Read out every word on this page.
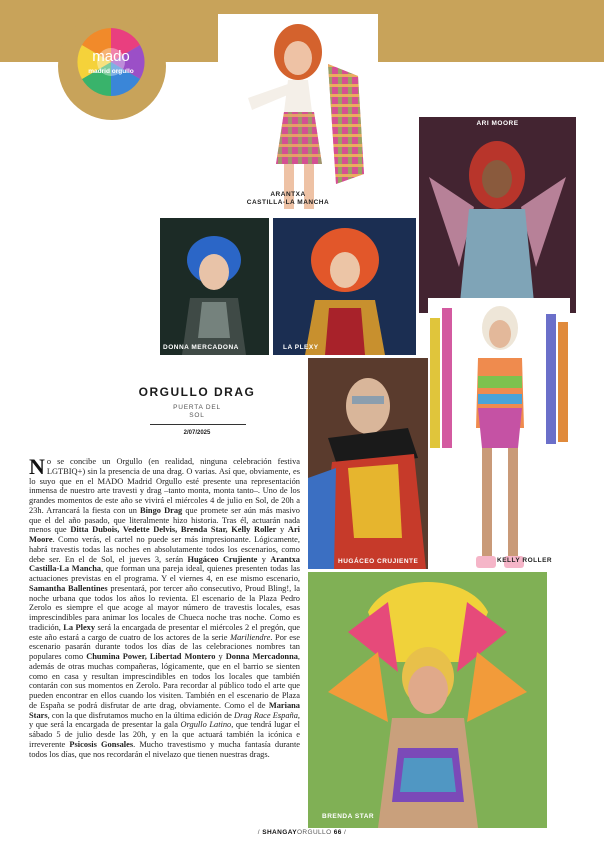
mado
madrid orgullo
ARANTXA
CASTILLA-LA MANCHA
ARI MOORE
DONNA MERCADONA	LA PLEXY
HUGÁCEO CRUJIENTE	KELLY ROLLER
BRENDA STAR
ORGULLO DRAG
PUERTA DEL
SOL
2/07/2025

No se concibe un Orgullo (en realidad, ninguna celebración festiva LGTBIQ+) sin la presencia de una drag. O varias. Así que, obviamente, es lo suyo que en el MADO Madrid Orgullo esté presente una representación inmensa de nuestro arte travesti y drag –tanto monta, monta tanto–. Uno de los grandes momentos de este año se vivirá el miércoles 4 de julio en Sol, de 20h a 23h. Arrancará la fiesta con un Bingo Drag que promete ser aún más masivo que el del año pasado, que literalmente hizo historia. Tras él, actuarán nada menos que Ditta Dubois, Vedette Delvis, Brenda Star, Kelly Roller y Ari Moore. Como verás, el cartel no puede ser más impresionante. Lógicamente, habrá travestis todas las noches en absolutamente todos los escenarios, como debe ser. En el de Sol, el jueves 3, serán Hugáceo Crujiente y Arantxa Castilla-La Mancha, que forman una pareja ideal, quienes presenten todas las actuaciones previstas en el programa. Y el viernes 4, en ese mismo escenario, Samantha Ballentines presentará, por tercer año consecutivo, Proud Bling!, la noche urbana que todos los años lo revienta. El escenario de la Plaza Pedro Zerolo es siempre el que acoge al mayor número de travestis locales, esas imprescindibles para animar los locales de Chueca noche tras noche. Como es tradición, La Plexy será la encargada de presentar el miércoles 2 el pregón, que este año estará a cargo de cuatro de los actores de la serie Mariliendre. Por ese escenario pasarán durante todos los días de las celebraciones nombres tan populares como Chumina Power, Libertad Montero y Donna Mercadonna, además de otras muchas compañeras, lógicamente, que en el barrio se sienten como en casa y resultan imprescindibles en todos los locales que también contarán con sus momentos en Zerolo. Para recordar al público todo el arte que pueden encontrar en ellos cuando los visiten. También en el escenario de Plaza de España se podrá disfrutar de arte drag, obviamente. Como el de Mariana Stars, con la que disfrutamos mucho en la última edición de Drag Race España, y que será la encargada de presentar la gala Orgullo Latino, que tendrá lugar el sábado 5 de julio desde las 20h, y en la que actuará también la icónica e irreverente Psicosis Gonsales. Mucho travestismo y mucha fantasía durante todos los días, que nos recordarán el nivelazo que tienen nuestras drags.

/ SHANGAYORGULLO 66 /
